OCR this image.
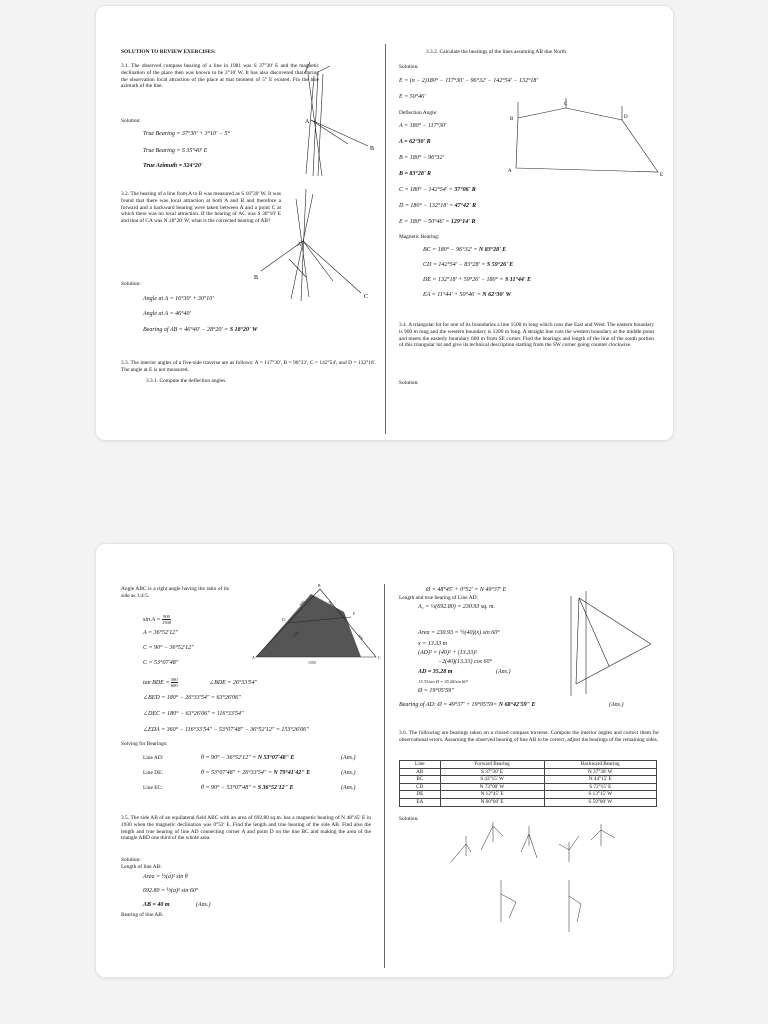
SOLUTION TO REVIEW EXERCISES:
3.1. The observed compass bearing of a line in 1981 was S 37°30' E and the magnetic declination of the place then was known to be 3°10' W. It has also discovered that during the observation local attraction of the place at that moment of 5° E existed. Fin the true azimuth of the line.
Solution:
True Bearing = 37°30' + 3°10' − 5°
True Bearing = S 35°40' E
True Azimuth = 324°20'
A
B
3.2. The bearing of a line from A to B was measured as S 16°30' W. It was found that there was local attraction at both A and B and therefore a forward and a backward bearing were taken between A and a point C at which there was no local attraction. If the bearing of AC was S 30°10' E and that of CA was N 28°20' W, what is the corrected bearing of AB?
Solution:
Angle at A = 16°30' + 30°10'
Angle at A = 46°40'
Bearing of AB = 46°40' − 28°20' = S 18°20' W
A
B
C
3.3. The interior angles of a five-side traverse are as follows: A = 117°30', B = 96°32', C = 142°54', and D = 132°18'. The angle at E is not measured.
3.3.1. Compute the deflection angles.
3.3.2. Calculate the bearings of the lines assuming AB due North.
Solution:
E = (n − 2)180° − 117°30' − 96°32' − 142°54' − 132°18'
E = 50°46'
Deflection Angle:
A = 180° − 117°30'
A = 62°30' R
B = 180° − 96°32'
B = 83°28' R
C = 180° − 142°54' = 37°06' R
D = 180° − 132°18' = 47°42' R
E = 180° − 50°46' = 129°14' R
Magnetic Bearing:
BC = 180° − 96°32' = N 83°28' E
CD = 142°54' − 83°28' = S 59°26' E
DE = 132°18' + 59°26' − 180° = S 11°44' E
EA = 11°44' + 50°46' = N 62°30' W
A
B
C
D
E
3.4. A triangular lot for one of its boundaries a line 1500 m long which runs due East and West. The eastern boundary is 900 m long and the western boundary is 1200 m long. A straight line cuts the western boundary at the middle point and meets the easterly boundary 600 m from SE corner. Find the bearings and length of the line of the south portion of this triangular lot and give its technical description starting from the SW corner going counter clockwise.
Solution:
Angle ABC is a right angle having the ratio of its side as 3:4:5.
$\sin A = \frac{900}{1500}$
A = 36°52'12"
C = 90° − 36°52'12"
C = 53°07'48"
tan BDE = $\frac{300}{600}$	∠BDE = 26°33'54"
∠BED = 180° − 26°33'54" = 63°26'06"
∠DEC = 180° − 63°26'06" = 116°33'54"
∠EDA = 360° − 116°33'54" − 53°07'48" − 36°52'12" = 153°26'06"
Solving for Bearings:
Line AD:	θ = 90° − 36°52'12" = N 53°07'48" E	(Ans.)
Line DE:	θ = 53°07'48" + 26°33'54" = N 79°41'42" E	(Ans.)
Line EC:	θ = 90° − 53°07'48" = S 36°52'12" E	(Ans.)
A
B
C
D
E
1500
1200
600	900
600
3.5. The side AB of an equilateral field ABC with an area of 692.80 sq.m. has a magnetic bearing of N 48°45' E in 1930 when the magnetic declination was 0°52' E. Find the length and true bearing of the side AB. Find also the length and true bearing of line AD connecting corner A and point D on the line BC and making the area of the triangle ABD one third of the whole area.
Solution:
Length of line AB:
Area = ½(a)² sin θ
692.80 = ½(a)² sin 60°
AB = 40 m	(Ans.)
Bearing of line AB:
Ø = 48°45' + 0°52' = N 49°37' E
Length and true bearing of Line AD:
A₁ = ⅓(692.80) = 230.93 sq. m.
Area = 230.93 = ½(40)(x) sin 60°
x = 13.33 m
(AD)² = (40)² + (13.33)²
−2(40)(13.33) cos 60°
AD = 35.28 m	(Ans.)
13.33/sin Ø = 35.28/sin 60°
Ø = 19°05'59"
Bearing of AD: Ø = 49°37' + 19°05'59= N 68°42'59" E	(Ans.)
3.6. The following are bearings taken on a closed compass traverse. Compute the interior angles and correct them for observational errors. Assuming the observed bearing of line AB to be correct, adjust the bearings of the remaining sides.
Line	Forward Bearing	Backward Bearing
AB	S 37°30' E	N 37°30' W
BC	S 43°15' W	N 44°15' E
CD	N 73°00' W	S 72°15' E
DE	N 12°45' E	S 13°15' W
EA	N 60°00' E	S 59°00' W
Solution:
